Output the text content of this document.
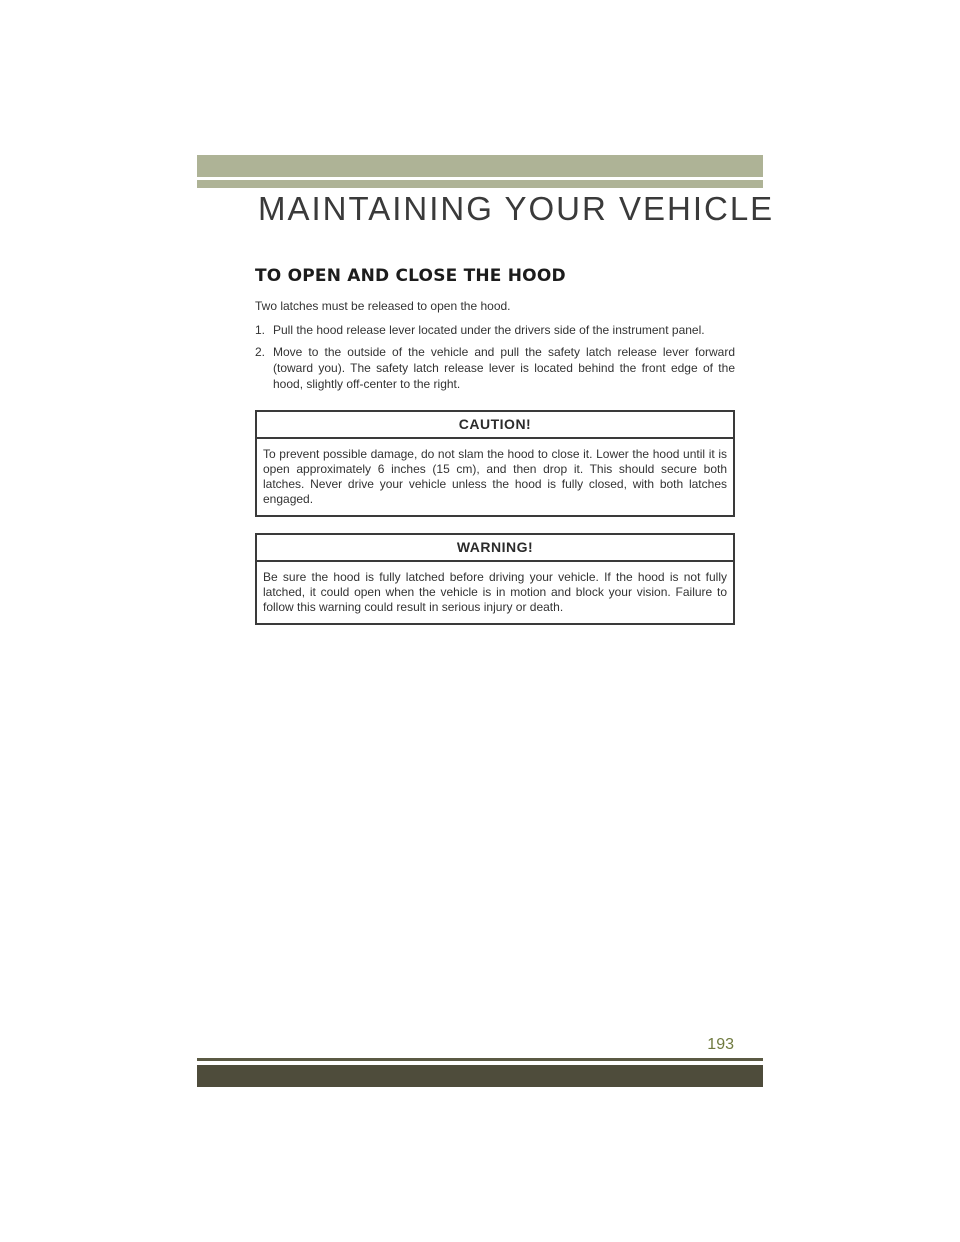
MAINTAINING YOUR VEHICLE
TO OPEN AND CLOSE THE HOOD

Two latches must be released to open the hood.

1. Pull the hood release lever located under the drivers side of the instrument panel.
2. Move to the outside of the vehicle and pull the safety latch release lever forward (toward you). The safety latch release lever is located behind the front edge of the hood, slightly off-center to the right.
CAUTION!
To prevent possible damage, do not slam the hood to close it. Lower the hood until it is open approximately 6 inches (15 cm), and then drop it. This should secure both latches. Never drive your vehicle unless the hood is fully closed, with both latches engaged.
WARNING!
Be sure the hood is fully latched before driving your vehicle. If the hood is not fully latched, it could open when the vehicle is in motion and block your vision. Failure to follow this warning could result in serious injury or death.
193
